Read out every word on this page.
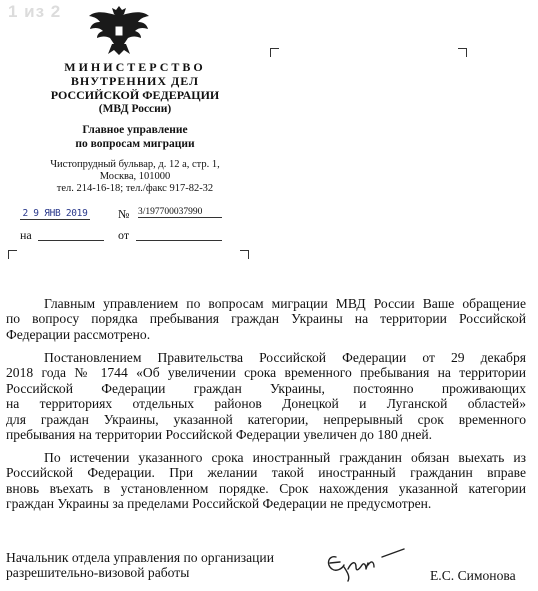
1 из 2
МИНИСТЕРСТВО
ВНУТРЕННИХ ДЕЛ
РОССИЙСКОЙ ФЕДЕРАЦИИ
(МВД России)
Главное управление
по вопросам миграции
Чистопрудный бульвар, д. 12 а, стр. 1,
Москва, 101000
тел. 214-16-18; тел./факс 917-82-32
2 9 ЯНВ 2019	№ 3/197700037990
на	от
Главным управлением по вопросам миграции МВД России Ваше обращение
по вопросу порядка пребывания граждан Украины на территории Российской
Федерации рассмотрено.
Постановлением Правительства Российской Федерации от 29 декабря
2018 года № 1744 «Об увеличении срока временного пребывания на территории
Российской Федерации граждан Украины, постоянно проживающих
на территориях отдельных районов Донецкой и Луганской областей»
для граждан Украины, указанной категории, непрерывный срок временного
пребывания на территории Российской Федерации увеличен до 180 дней.
По истечении указанного срока иностранный гражданин обязан выехать из
Российской Федерации. При желании такой иностранный гражданин вправе
вновь въехать в установленном порядке. Срок нахождения указанной категории
граждан Украины за пределами Российской Федерации не предусмотрен.
Начальник отдела управления по организации
разрешительно-визовой работы	Е.С. Симонова
